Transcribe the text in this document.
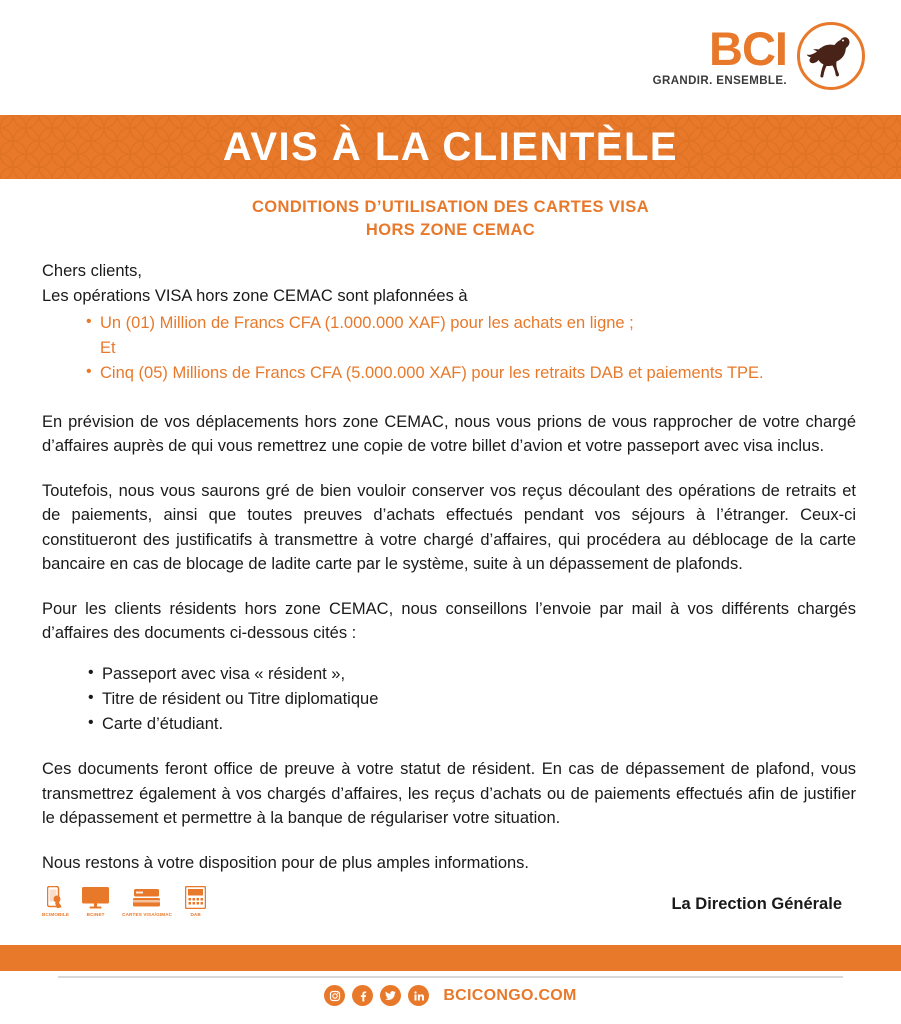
BCI
GRANDIR. ENSEMBLE.
AVIS À LA CLIENTÈLE
CONDITIONS D’UTILISATION DES CARTES VISA
HORS ZONE CEMAC
Chers clients,
Les opérations VISA hors zone CEMAC sont plafonnées à
• Un (01) Million de Francs CFA (1.000.000 XAF) pour les achats en ligne ;
Et
• Cinq (05) Millions de Francs CFA (5.000.000 XAF) pour les retraits DAB et paiements TPE.

En prévision de vos déplacements hors zone CEMAC, nous vous prions de vous rapprocher de votre chargé d’affaires auprès de qui vous remettrez une copie de votre billet d’avion et votre passeport avec visa inclus.

Toutefois, nous vous saurons gré de bien vouloir conserver vos reçus découlant des opérations de retraits et de paiements, ainsi que toutes preuves d’achats effectués pendant vos séjours à l’étranger. Ceux-ci constitueront des justificatifs à transmettre à votre chargé d’affaires, qui procédera au déblocage de la carte bancaire en cas de blocage de ladite carte par le système, suite à un dépassement de plafonds.

Pour les clients résidents hors zone CEMAC, nous conseillons l’envoie par mail à vos différents chargés d’affaires des documents ci-dessous cités :

• Passeport avec visa « résident »,
• Titre de résident ou Titre diplomatique
• Carte d’étudiant.

Ces documents feront office de preuve à votre statut de résident. En cas de dépassement de plafond, vous transmettrez également à vos chargés d’affaires, les reçus d’achats ou de paiements effectués afin de justifier le dépassement et permettre à la banque de régulariser votre situation.

Nous restons à votre disposition pour de plus amples informations.

La Direction Générale
BCIMOBILE	BCINET	CARTES VISA/GIMAC	DAB
BCICONGO.COM
